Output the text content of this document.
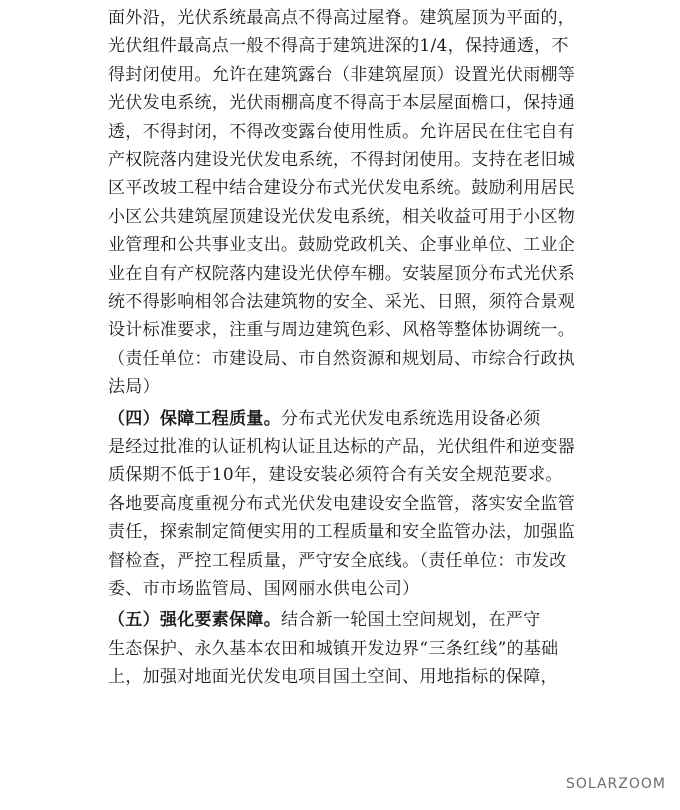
面外沿，光伏系统最高点不得高过屋脊。建筑屋顶为平面的，
光伏组件最高点一般不得高于建筑进深的1/4，保持通透，不
得封闭使用。允许在建筑露台（非建筑屋顶）设置光伏雨棚等
光伏发电系统，光伏雨棚高度不得高于本层屋面檐口，保持通
透，不得封闭，不得改变露台使用性质。允许居民在住宅自有
产权院落内建设光伏发电系统，不得封闭使用。支持在老旧城
区平改坡工程中结合建设分布式光伏发电系统。鼓励利用居民
小区公共建筑屋顶建设光伏发电系统，相关收益可用于小区物
业管理和公共事业支出。鼓励党政机关、企事业单位、工业企
业在自有产权院落内建设光伏停车棚。安装屋顶分布式光伏系
统不得影响相邻合法建筑物的安全、采光、日照，须符合景观
设计标准要求，注重与周边建筑色彩、风格等整体协调统一。
（责任单位：市建设局、市自然资源和规划局、市综合行政执
法局）
（四）保障工程质量。分布式光伏发电系统选用设备必须
是经过批准的认证机构认证且达标的产品，光伏组件和逆变器
质保期不低于10年，建设安装必须符合有关安全规范要求。
各地要高度重视分布式光伏发电建设安全监管，落实安全监管
责任，探索制定简便实用的工程质量和安全监管办法，加强监
督检查，严控工程质量，严守安全底线。（责任单位：市发改
委、市市场监管局、国网丽水供电公司）
（五）强化要素保障。结合新一轮国土空间规划，在严守
生态保护、永久基本农田和城镇开发边界“三条红线”的基础
上，加强对地面光伏发电项目国土空间、用地指标的保障，
SOLARZOOM
